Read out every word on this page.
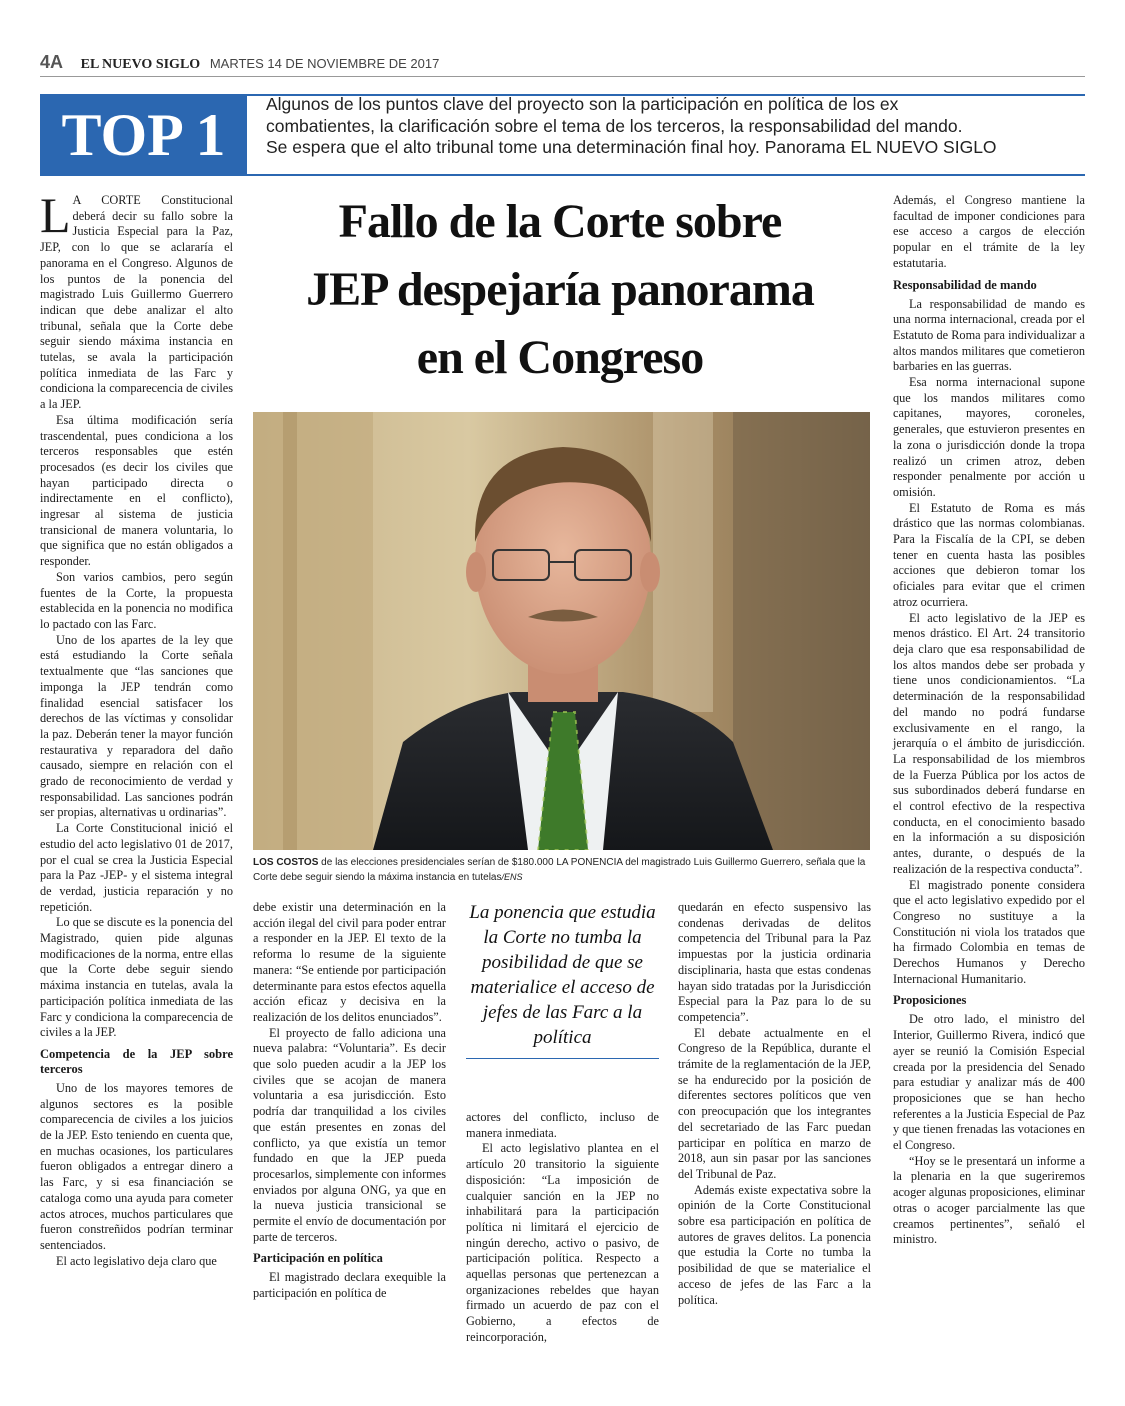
4A EL NUEVO SIGLO MARTES 14 DE NOVIEMBRE DE 2017
TOP 1	Algunos de los puntos clave del proyecto son la participación en política de los ex
combatientes, la clarificación sobre el tema de los terceros, la responsabilidad del mando.
Se espera que el alto tribunal tome una determinación final hoy. Panorama EL NUEVO SIGLO
Fallo de la Corte sobre
JEP despejaría panorama
en el Congreso
LOS COSTOS de las elecciones presidenciales serían de $180.000 LA PONENCIA del magistrado Luis Guillermo Guerrero, señala que la Corte debe seguir siendo la máxima instancia en tutelas/ENS

L A CORTE Constitucional deberá decir su fallo sobre la Justicia Especial para la Paz, JEP, con lo que se aclararía el panorama en el Congreso. Algunos de los puntos de la ponencia del magistrado Luis Guillermo Guerrero indican que debe analizar el alto tribunal, señala que la Corte debe seguir siendo máxima instancia en tutelas, se avala la participación política inmediata de las Farc y condiciona la comparecencia de civiles a la JEP.

Esa última modificación sería trascendental, pues condiciona a los terceros responsables que estén procesados (es decir los civiles que hayan participado directa o indirectamente en el conflicto), ingresar al sistema de justicia transicional de manera voluntaria, lo que significa que no están obligados a responder.

Son varios cambios, pero según fuentes de la Corte, la propuesta establecida en la ponencia no modifica lo pactado con las Farc.

Uno de los apartes de la ley que está estudiando la Corte señala textualmente que “las sanciones que imponga la JEP tendrán como finalidad esencial satisfacer los derechos de las víctimas y consolidar la paz. Deberán tener la mayor función restaurativa y reparadora del daño causado, siempre en relación con el grado de reconocimiento de verdad y responsabilidad. Las sanciones podrán ser propias, alternativas u ordinarias”.

La Corte Constitucional inició el estudio del acto legislativo 01 de 2017, por el cual se crea la Justicia Especial para la Paz -JEP- y el sistema integral de verdad, justicia reparación y no repetición.

Lo que se discute es la ponencia del Magistrado, quien pide algunas modificaciones de la norma, entre ellas que la Corte debe seguir siendo máxima instancia en tutelas, avala la participación política inmediata de las Farc y condiciona la comparecencia de civiles a la JEP.

Competencia de la JEP sobre terceros

Uno de los mayores temores de algunos sectores es la posible comparecencia de civiles a los juicios de la JEP. Esto teniendo en cuenta que, en muchas ocasiones, los particulares fueron obligados a entregar dinero a las Farc, y si esa financiación se cataloga como una ayuda para cometer actos atroces, muchos particulares que fueron constreñidos podrían terminar sentenciados.

El acto legislativo deja claro que

debe existir una determinación en la acción ilegal del civil para poder entrar a responder en la JEP. El texto de la reforma lo resume de la siguiente manera: “Se entiende por participación determinante para estos efectos aquella acción eficaz y decisiva en la realización de los delitos enunciados”.

El proyecto de fallo adiciona una nueva palabra: “Voluntaria”. Es decir que solo pueden acudir a la JEP los civiles que se acojan de manera voluntaria a esa jurisdicción. Esto podría dar tranquilidad a los civiles que están presentes en zonas del conflicto, ya que existía un temor fundado en que la JEP pueda procesarlos, simplemente con informes enviados por alguna ONG, ya que en la nueva justicia transicional se permite el envío de documentación por parte de terceros.

Participación en política

El magistrado declara exequible la participación en política de

La ponencia que estudia la Corte no tumba la posibilidad de que se materialice el acceso de jefes de las Farc a la política

actores del conflicto, incluso de manera inmediata.

El acto legislativo plantea en el artículo 20 transitorio la siguiente disposición: “La imposición de cualquier sanción en la JEP no inhabilitará para la participación política ni limitará el ejercicio de ningún derecho, activo o pasivo, de participación política. Respecto a aquellas personas que pertenezcan a organizaciones rebeldes que hayan firmado un acuerdo de paz con el Gobierno, a efectos de reincorporación,

quedarán en efecto suspensivo las condenas derivadas de delitos competencia del Tribunal para la Paz impuestas por la justicia ordinaria disciplinaria, hasta que estas condenas hayan sido tratadas por la Jurisdicción Especial para la Paz para lo de su competencia”.

El debate actualmente en el Congreso de la República, durante el trámite de la reglamentación de la JEP, se ha endurecido por la posición de diferentes sectores políticos que ven con preocupación que los integrantes del secretariado de las Farc puedan participar en política en marzo de 2018, aun sin pasar por las sanciones del Tribunal de Paz.

Además existe expectativa sobre la opinión de la Corte Constitucional sobre esa participación en política de autores de graves delitos. La ponencia que estudia la Corte no tumba la posibilidad de que se materialice el acceso de jefes de las Farc a la política.

Además, el Congreso mantiene la facultad de imponer condiciones para ese acceso a cargos de elección popular en el trámite de la ley estatutaria.

Responsabilidad de mando

La responsabilidad de mando es una norma internacional, creada por el Estatuto de Roma para individualizar a altos mandos militares que cometieron barbaries en las guerras.

Esa norma internacional supone que los mandos militares como capitanes, mayores, coroneles, generales, que estuvieron presentes en la zona o jurisdicción donde la tropa realizó un crimen atroz, deben responder penalmente por acción u omisión.

El Estatuto de Roma es más drástico que las normas colombianas. Para la Fiscalía de la CPI, se deben tener en cuenta hasta las posibles acciones que debieron tomar los oficiales para evitar que el crimen atroz ocurriera.

El acto legislativo de la JEP es menos drástico. El Art. 24 transitorio deja claro que esa responsabilidad de los altos mandos debe ser probada y tiene unos condicionamientos. “La determinación de la responsabilidad del mando no podrá fundarse exclusivamente en el rango, la jerarquía o el ámbito de jurisdicción. La responsabilidad de los miembros de la Fuerza Pública por los actos de sus subordinados deberá fundarse en el control efectivo de la respectiva conducta, en el conocimiento basado en la información a su disposición antes, durante, o después de la realización de la respectiva conducta”.

El magistrado ponente considera que el acto legislativo expedido por el Congreso no sustituye a la Constitución ni viola los tratados que ha firmado Colombia en temas de Derechos Humanos y Derecho Internacional Humanitario.

Proposiciones

De otro lado, el ministro del Interior, Guillermo Rivera, indicó que ayer se reunió la Comisión Especial creada por la presidencia del Senado para estudiar y analizar más de 400 proposiciones que se han hecho referentes a la Justicia Especial de Paz y que tienen frenadas las votaciones en el Congreso.

“Hoy se le presentará un informe a la plenaria en la que sugeriremos acoger algunas proposiciones, eliminar otras o acoger parcialmente las que creamos pertinentes”, señaló el ministro.
